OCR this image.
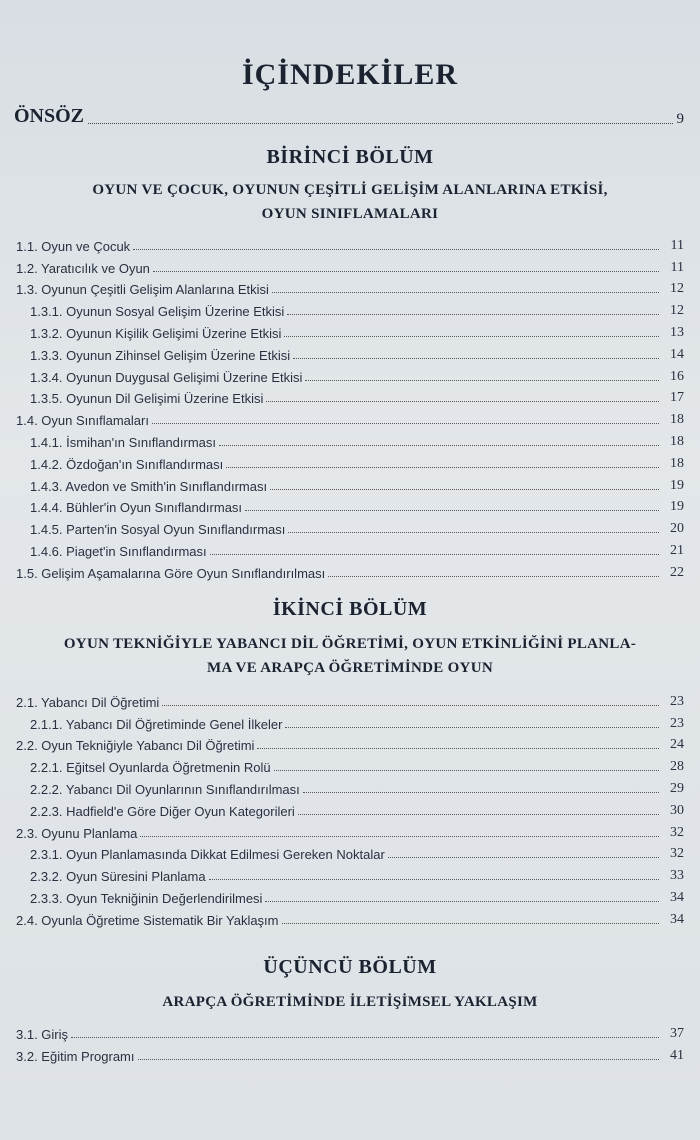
İÇİNDEKİLER
ÖNSÖZ	9
BİRİNCİ BÖLÜM
OYUN VE ÇOCUK, OYUNUN ÇEŞİTLİ GELİŞİM ALANLARINA ETKİSİ,
OYUN SINIFLAMALARI
1.1. Oyun ve Çocuk	11
1.2. Yaratıcılık ve Oyun	11
1.3. Oyunun Çeşitli Gelişim Alanlarına Etkisi	12
1.3.1. Oyunun Sosyal Gelişim Üzerine Etkisi	12
1.3.2. Oyunun Kişilik Gelişimi Üzerine Etkisi	13
1.3.3. Oyunun Zihinsel Gelişim Üzerine Etkisi	14
1.3.4. Oyunun Duygusal Gelişimi Üzerine Etkisi	16
1.3.5. Oyunun Dil Gelişimi Üzerine Etkisi	17
1.4. Oyun Sınıflamaları	18
1.4.1. İsmihan'ın Sınıflandırması	18
1.4.2. Özdoğan'ın Sınıflandırması	18
1.4.3. Avedon ve Smith'in Sınıflandırması	19
1.4.4. Bühler'in Oyun Sınıflandırması	19
1.4.5. Parten'in Sosyal Oyun Sınıflandırması	20
1.4.6. Piaget'in Sınıflandırması	21
1.5. Gelişim Aşamalarına Göre Oyun Sınıflandırılması	22
İKİNCİ BÖLÜM
OYUN TEKNİĞİYLE YABANCI DİL ÖĞRETİMİ, OYUN ETKİNLİĞİNİ PLANLA-
MA VE ARAPÇA ÖĞRETİMİNDE OYUN
2.1. Yabancı Dil Öğretimi	23
2.1.1. Yabancı Dil Öğretiminde Genel İlkeler	23
2.2. Oyun Tekniğiyle Yabancı Dil Öğretimi	24
2.2.1. Eğitsel Oyunlarda Öğretmenin Rolü	28
2.2.2. Yabancı Dil Oyunlarının Sınıflandırılması	29
2.2.3. Hadfield'e Göre Diğer Oyun Kategorileri	30
2.3. Oyunu Planlama	32
2.3.1. Oyun Planlamasında Dikkat Edilmesi Gereken Noktalar	32
2.3.2. Oyun Süresini Planlama	33
2.3.3. Oyun Tekniğinin Değerlendirilmesi	34
2.4. Oyunla Öğretime Sistematik Bir Yaklaşım	34
ÜÇÜNCÜ BÖLÜM
ARAPÇA ÖĞRETİMİNDE İLETİŞİMSEL YAKLAŞIM
3.1. Giriş	37
3.2. Eğitim Programı	41
